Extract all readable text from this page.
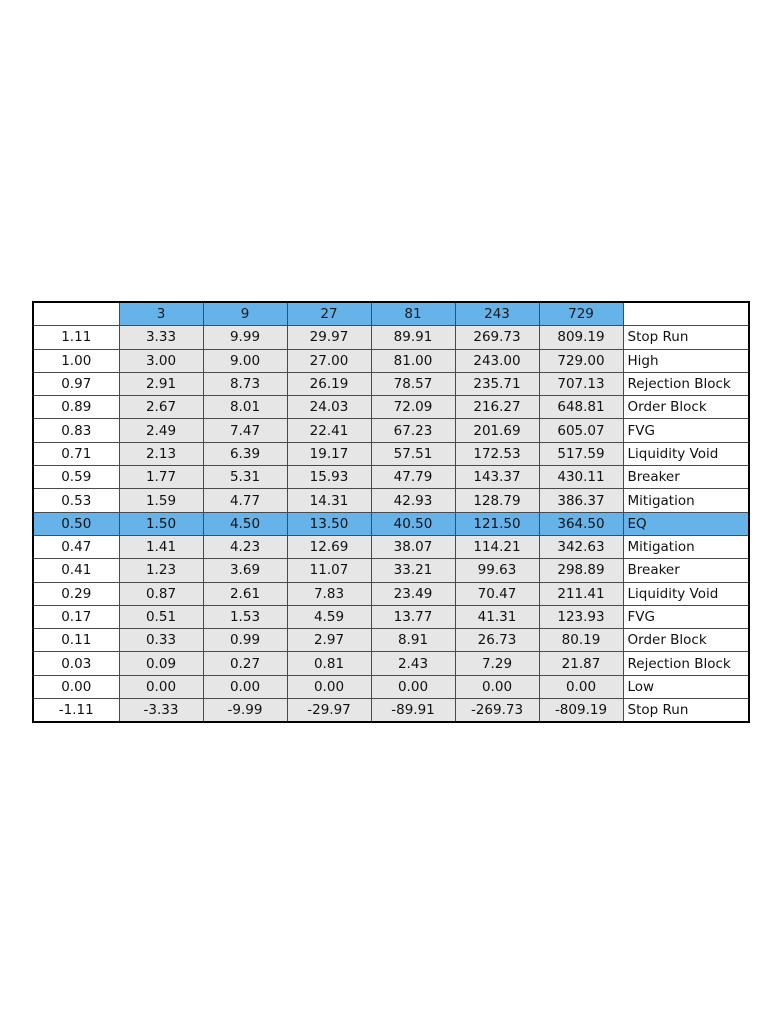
	3	9	27	81	243	729	
1.11	3.33	9.99	29.97	89.91	269.73	809.19	Stop Run
1.00	3.00	9.00	27.00	81.00	243.00	729.00	High
0.97	2.91	8.73	26.19	78.57	235.71	707.13	Rejection Block
0.89	2.67	8.01	24.03	72.09	216.27	648.81	Order Block
0.83	2.49	7.47	22.41	67.23	201.69	605.07	FVG
0.71	2.13	6.39	19.17	57.51	172.53	517.59	Liquidity Void
0.59	1.77	5.31	15.93	47.79	143.37	430.11	Breaker
0.53	1.59	4.77	14.31	42.93	128.79	386.37	Mitigation
0.50	1.50	4.50	13.50	40.50	121.50	364.50	EQ
0.47	1.41	4.23	12.69	38.07	114.21	342.63	Mitigation
0.41	1.23	3.69	11.07	33.21	99.63	298.89	Breaker
0.29	0.87	2.61	7.83	23.49	70.47	211.41	Liquidity Void
0.17	0.51	1.53	4.59	13.77	41.31	123.93	FVG
0.11	0.33	0.99	2.97	8.91	26.73	80.19	Order Block
0.03	0.09	0.27	0.81	2.43	7.29	21.87	Rejection Block
0.00	0.00	0.00	0.00	0.00	0.00	0.00	Low
-1.11	-3.33	-9.99	-29.97	-89.91	-269.73	-809.19	Stop Run
